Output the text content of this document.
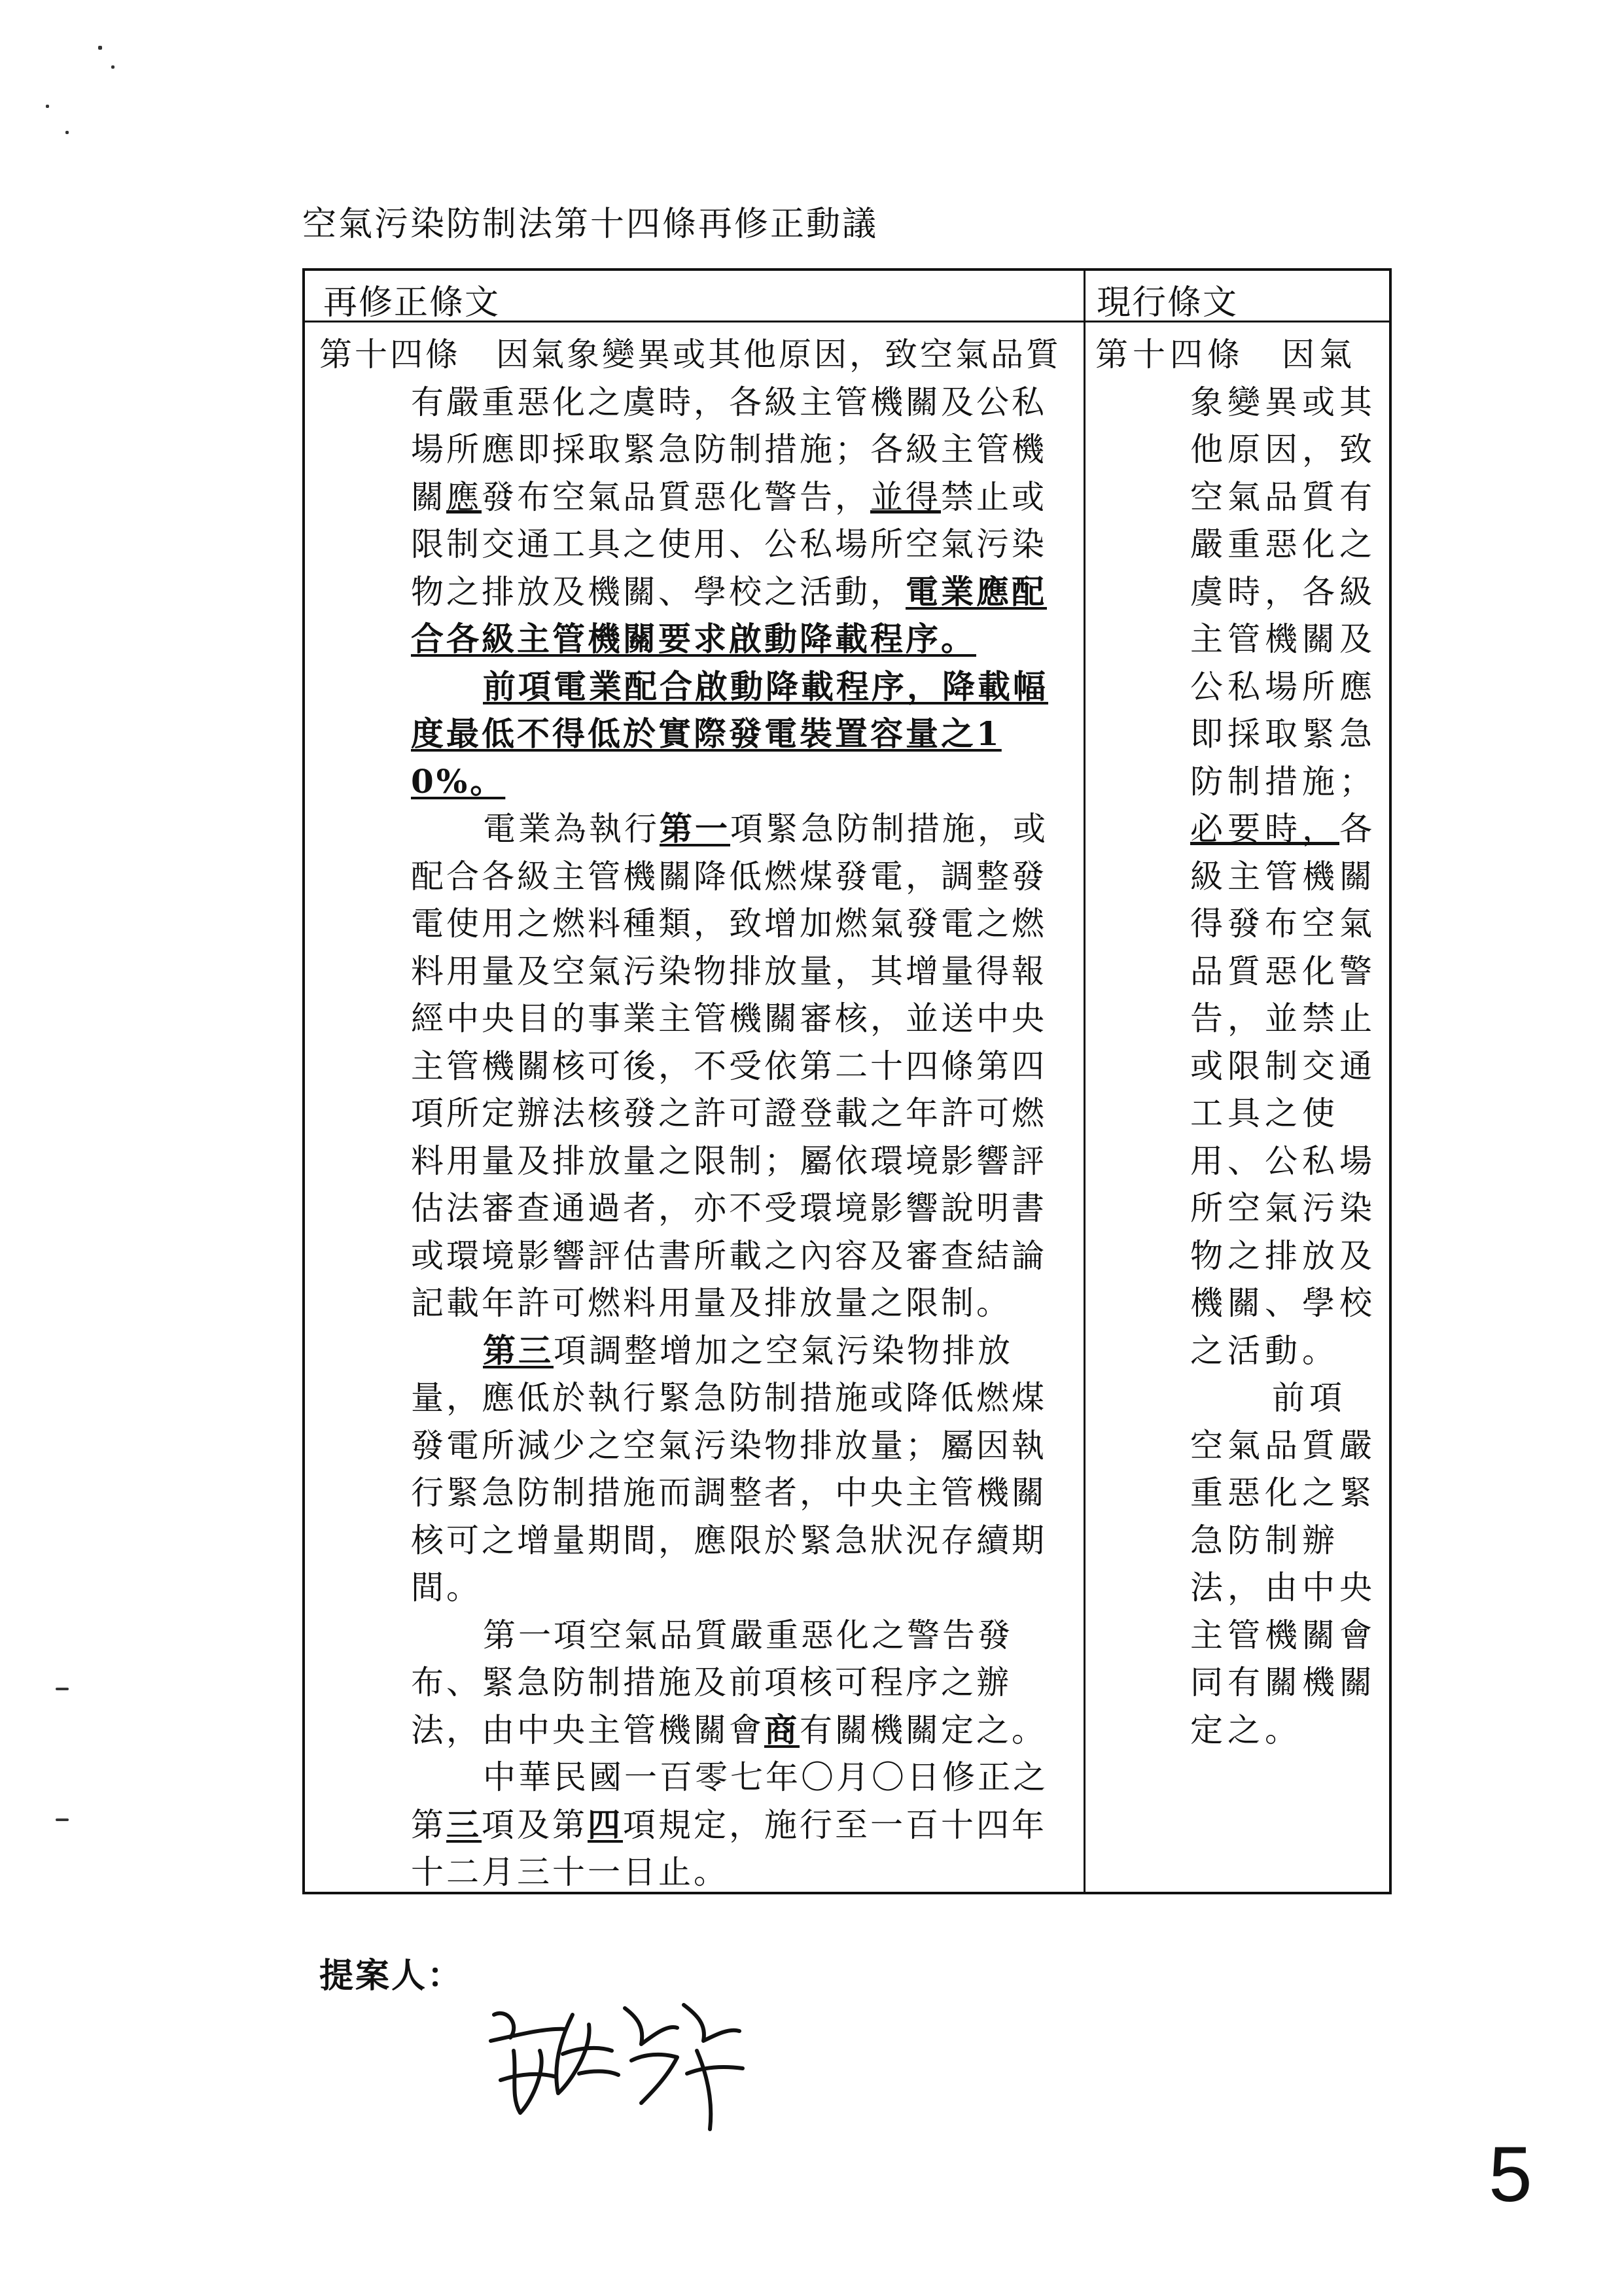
空氣污染防制法第十四條再修正動議
再修正條文	現行條文

第十四條　因氣象變異或其他原因，致空氣品質有嚴重惡化之虞時，各級主管機關及公私場所應即採取緊急防制措施；各級主管機關應發布空氣品質惡化警告，並得禁止或限制交通工具之使用、公私場所空氣污染物之排放及機關、學校之活動，電業應配合各級主管機關要求啟動降載程序。

前項電業配合啟動降載程序，降載幅度最低不得低於實際發電裝置容量之10%。

電業為執行第一項緊急防制措施，或配合各級主管機關降低燃煤發電，調整發電使用之燃料種類，致增加燃氣發電之燃料用量及空氣污染物排放量，其增量得報經中央目的事業主管機關審核，並送中央主管機關核可後，不受依第二十四條第四項所定辦法核發之許可證登載之年許可燃料用量及排放量之限制；屬依環境影響評估法審查通過者，亦不受環境影響說明書或環境影響評估書所載之內容及審查結論記載年許可燃料用量及排放量之限制。

第三項調整增加之空氣污染物排放量，應低於執行緊急防制措施或降低燃煤發電所減少之空氣污染物排放量；屬因執行緊急防制措施而調整者，中央主管機關核可之增量期間，應限於緊急狀況存續期間。

第一項空氣品質嚴重惡化之警告發布、緊急防制措施及前項核可程序之辦法，由中央主管機關會商有關機關定之。

中華民國一百零七年〇月〇日修正之第三項及第四項規定，施行至一百十四年十二月三十一日止。

第十四條　因氣象變異或其他原因，致空氣品質有嚴重惡化之虞時，各級主管機關及公私場所應即採取緊急防制措施；必要時，各級主管機關得發布空氣品質惡化警告，並禁止或限制交通工具之使用、公私場所空氣污染物之排放及機關、學校之活動。

前項空氣品質嚴重惡化之緊急防制辦法，由中央主管機關會同有關機關定之。

提案人：
5
